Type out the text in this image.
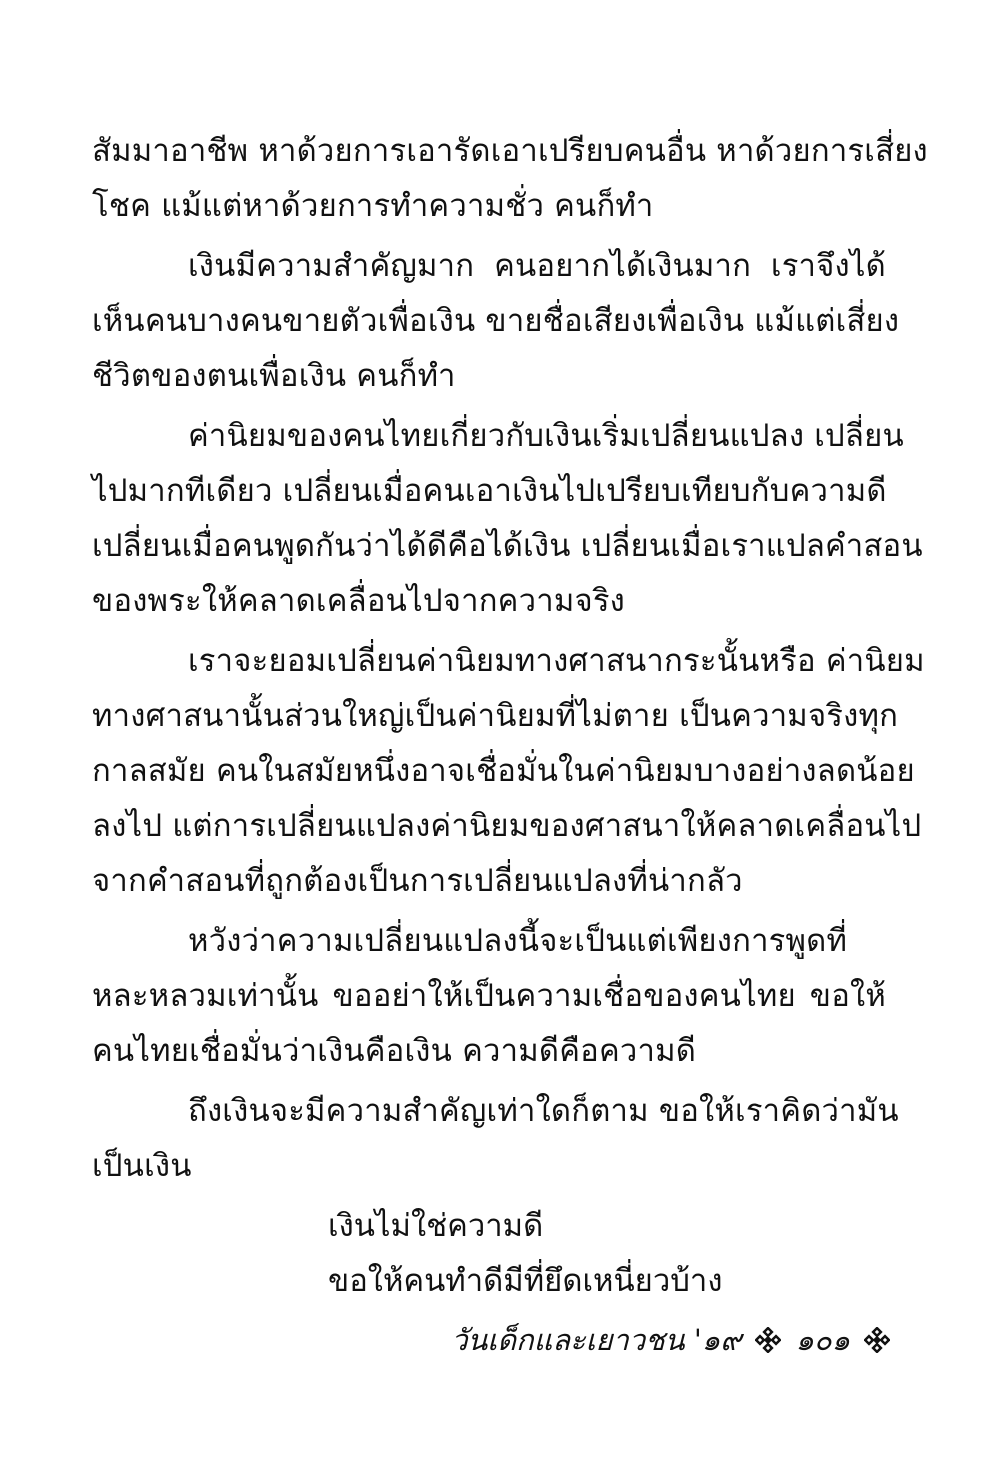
สัมมาอาชีพ หาด้วยการเอารัดเอาเปรียบคนอื่น หาด้วยการเสี่ยง
โชค แม้แต่หาด้วยการทำความชั่ว คนก็ทำ
เงินมีความสำคัญมาก คนอยากได้เงินมาก เราจึงได้
เห็นคนบางคนขายตัวเพื่อเงิน ขายชื่อเสียงเพื่อเงิน แม้แต่เสี่ยง
ชีวิตของตนเพื่อเงิน คนก็ทำ
ค่านิยมของคนไทยเกี่ยวกับเงินเริ่มเปลี่ยนแปลง เปลี่ยน
ไปมากทีเดียว เปลี่ยนเมื่อคนเอาเงินไปเปรียบเทียบกับความดี
เปลี่ยนเมื่อคนพูดกันว่าได้ดีคือได้เงิน เปลี่ยนเมื่อเราแปลคำสอน
ของพระให้คลาดเคลื่อนไปจากความจริง
เราจะยอมเปลี่ยนค่านิยมทางศาสนากระนั้นหรือ ค่านิยม
ทางศาสนานั้นส่วนใหญ่เป็นค่านิยมที่ไม่ตาย เป็นความจริงทุก
กาลสมัย คนในสมัยหนึ่งอาจเชื่อมั่นในค่านิยมบางอย่างลดน้อย
ลงไป แต่การเปลี่ยนแปลงค่านิยมของศาสนาให้คลาดเคลื่อนไป
จากคำสอนที่ถูกต้องเป็นการเปลี่ยนแปลงที่น่ากลัว
หวังว่าความเปลี่ยนแปลงนี้จะเป็นแต่เพียงการพูดที่
หละหลวมเท่านั้น ขออย่าให้เป็นความเชื่อของคนไทย ขอให้
คนไทยเชื่อมั่นว่าเงินคือเงิน ความดีคือความดี
ถึงเงินจะมีความสำคัญเท่าใดก็ตาม ขอให้เราคิดว่ามัน
เป็นเงิน
เงินไม่ใช่ความดี
ขอให้คนทำดีมีที่ยึดเหนี่ยวบ้าง
วันเด็กและเยาวชน '๑๙ ๑๐๑
